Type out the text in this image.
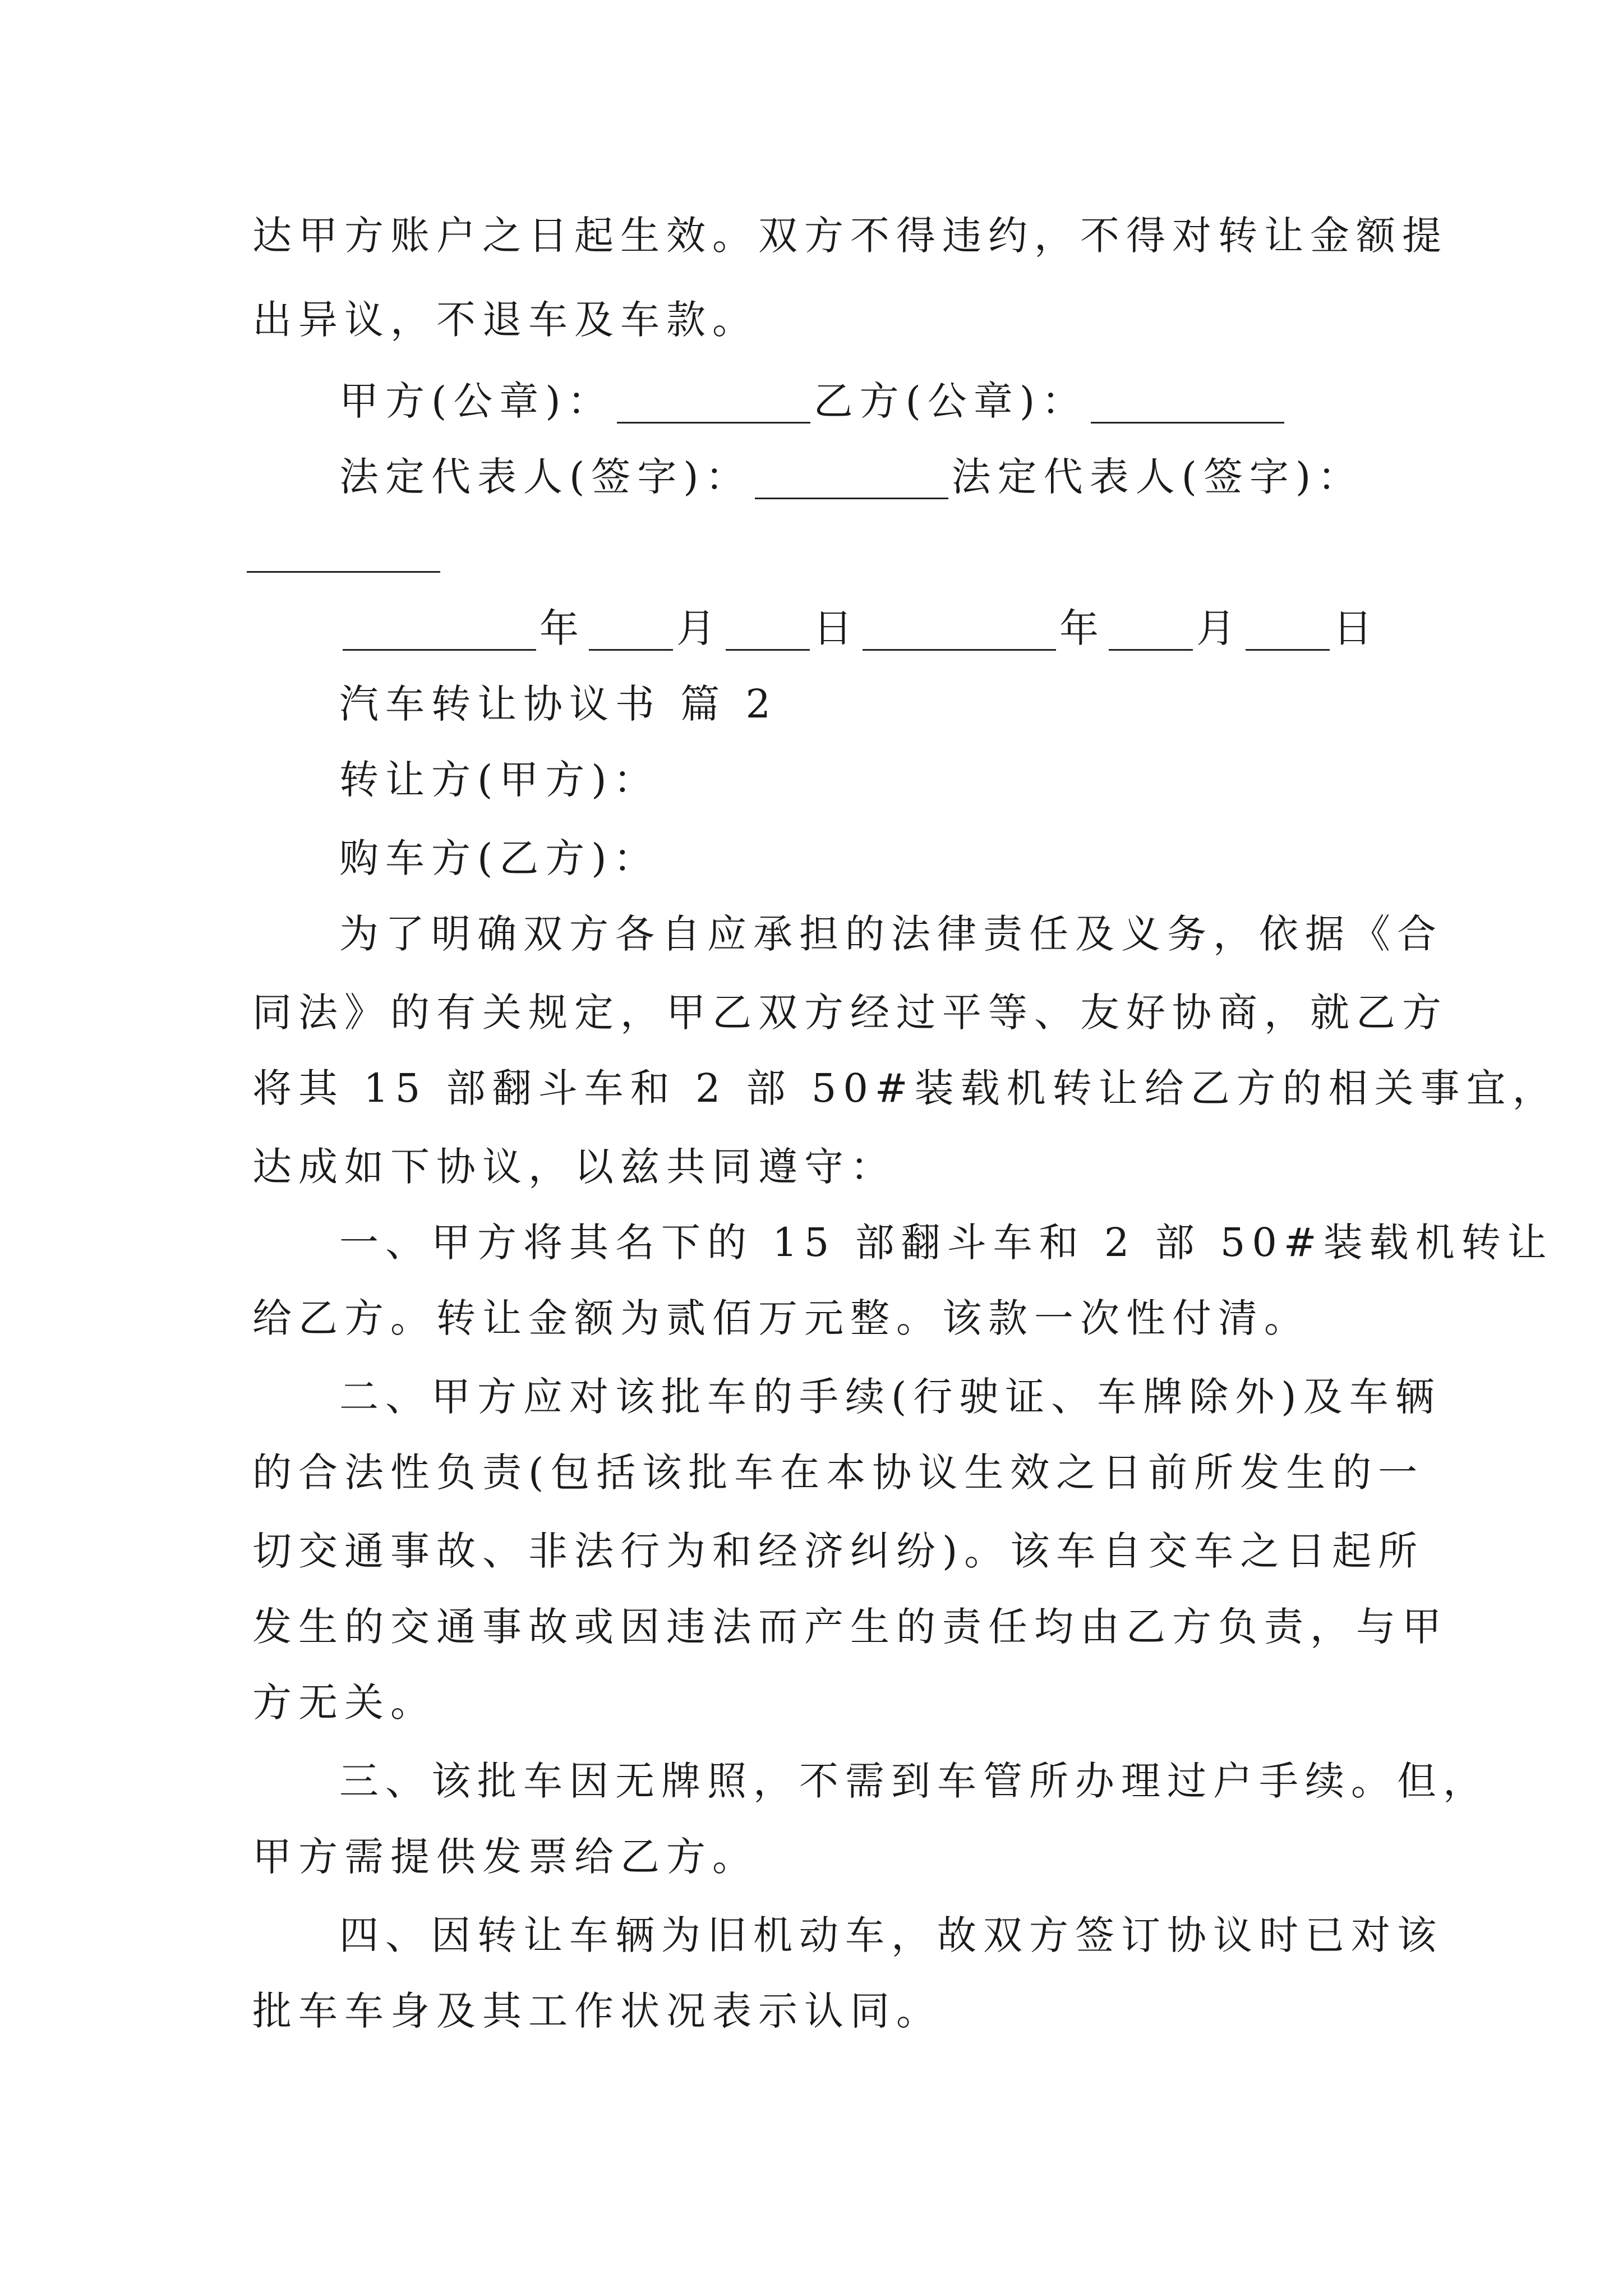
达甲方账户之日起生效。双方不得违约，不得对转让金额提
出异议，不退车及车款。
甲方(公章)：	乙方(公章)：
法定代表人(签字)：	法定代表人(签字)：
年 月 日	年 月 日
汽车转让协议书 篇 2
转让方(甲方)：
购车方(乙方)：
为了明确双方各自应承担的法律责任及义务，依据《合
同法》的有关规定，甲乙双方经过平等、友好协商，就乙方
将其 15 部翻斗车和 2 部 50#装载机转让给乙方的相关事宜，
达成如下协议，以兹共同遵守：
一、甲方将其名下的 15 部翻斗车和 2 部 50#装载机转让
给乙方。转让金额为贰佰万元整。该款一次性付清。
二、甲方应对该批车的手续(行驶证、车牌除外)及车辆
的合法性负责(包括该批车在本协议生效之日前所发生的一
切交通事故、非法行为和经济纠纷)。该车自交车之日起所
发生的交通事故或因违法而产生的责任均由乙方负责，与甲
方无关。
三、该批车因无牌照，不需到车管所办理过户手续。但，
甲方需提供发票给乙方。
四、因转让车辆为旧机动车，故双方签订协议时已对该
批车车身及其工作状况表示认同。
